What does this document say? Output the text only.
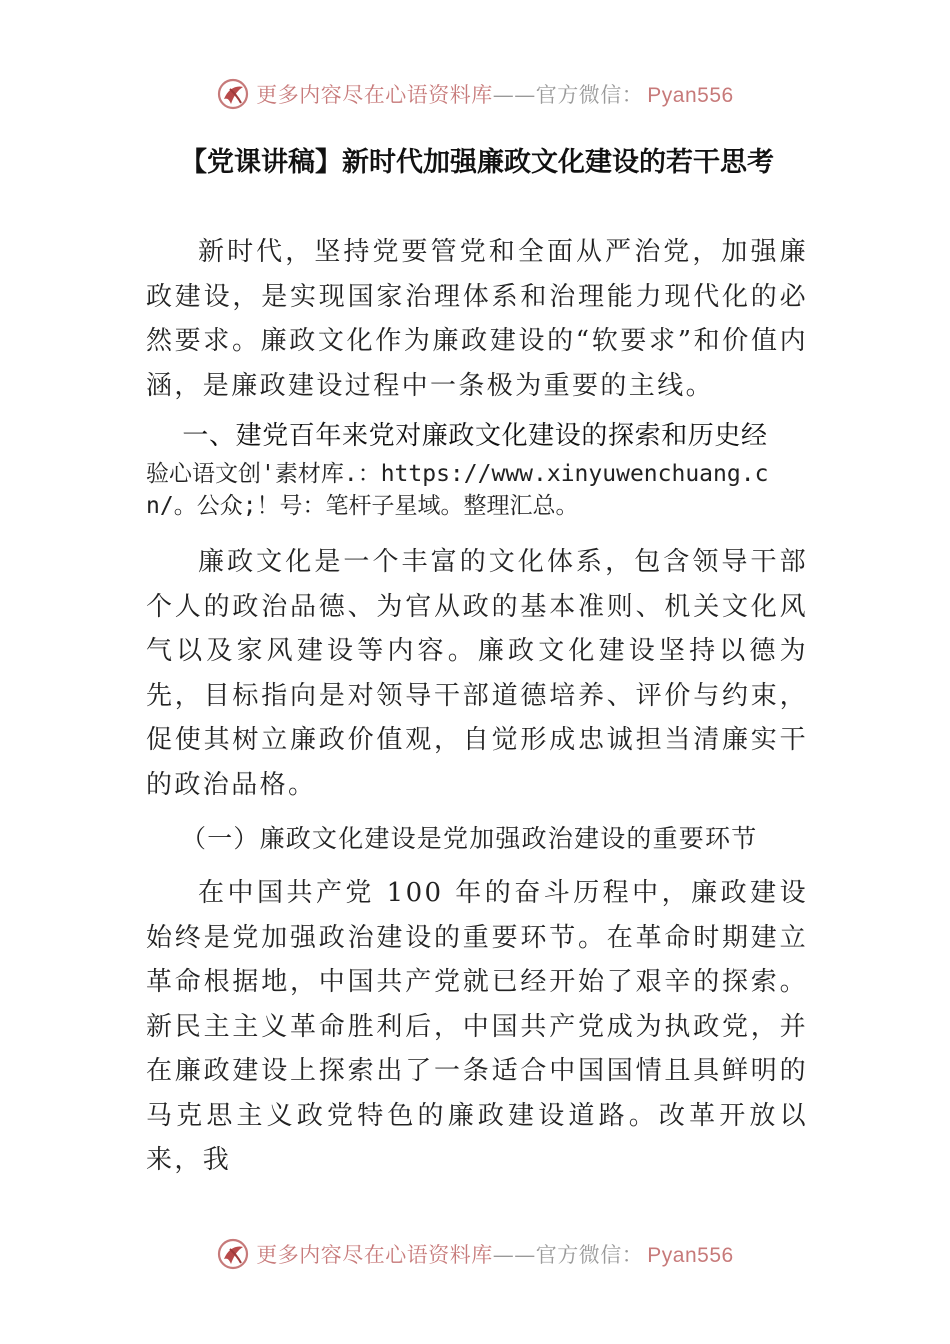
更多内容尽在心语资料库——官方微信： Pyan556
【党课讲稿】新时代加强廉政文化建设的若干思考

新时代，坚持党要管党和全面从严治党，加强廉政建设，是实现国家治理体系和治理能力现代化的必然要求。廉政文化作为廉政建设的“软要求”和价值内涵，是廉政建设过程中一条极为重要的主线。

一、建党百年来党对廉政文化建设的探索和历史经

验心语文创'素材库.：https://www.xinyuwenchuang.cn/。公众;！号：笔杆子星域。整理汇总。

廉政文化是一个丰富的文化体系，包含领导干部个人的政治品德、为官从政的基本准则、机关文化风气以及家风建设等内容。廉政文化建设坚持以德为先，目标指向是对领导干部道德培养、评价与约束，促使其树立廉政价值观，自觉形成忠诚担当清廉实干的政治品格。

（一）廉政文化建设是党加强政治建设的重要环节

在中国共产党 100 年的奋斗历程中，廉政建设始终是党加强政治建设的重要环节。在革命时期建立革命根据地，中国共产党就已经开始了艰辛的探索。新民主主义革命胜利后，中国共产党成为执政党，并在廉政建设上探索出了一条适合中国国情且具鲜明的马克思主义政党特色的廉政建设道路。改革开放以来，我

更多内容尽在心语资料库——官方微信： Pyan556
